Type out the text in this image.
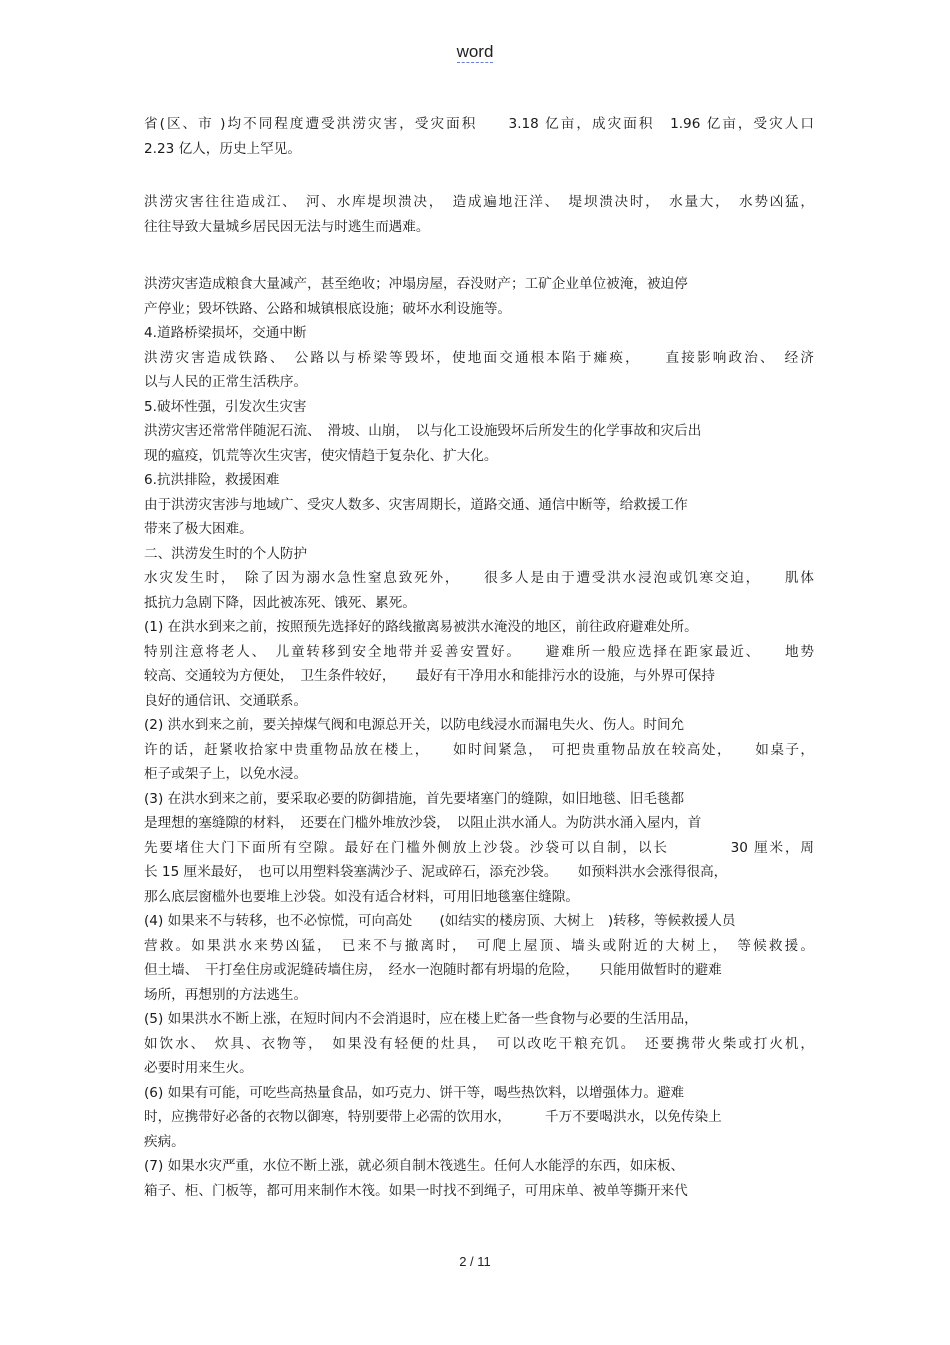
word
省(区、市 )均不同程度遭受洪涝灾害，受灾面积　　3.18 亿亩，成灾面积　1.96 亿亩，受灾人口
2.23 亿人，历史上罕见。
洪涝灾害往往造成江、　河、水库堤坝溃决，　造成遍地汪洋、　堤坝溃决时，　水量大，　水势凶猛，
往往导致大量城乡居民因无法与时逃生而遇难。
洪涝灾害造成粮食大量减产，甚至绝收；冲塌房屋，吞没财产；工矿企业单位被淹，被迫停
产停业；毁坏铁路、公路和城镇根底设施；破坏水利设施等。
4.道路桥梁损坏，交通中断
洪涝灾害造成铁路、　公路以与桥梁等毁坏，使地面交通根本陷于瘫痪，　　直接影响政治、　经济
以与人民的正常生活秩序。
5.破坏性强，引发次生灾害
洪涝灾害还常常伴随泥石流、　滑坡、山崩，　以与化工设施毁坏后所发生的化学事故和灾后出
现的瘟疫，饥荒等次生灾害，使灾情趋于复杂化、扩大化。
6.抗洪排险，救援困难
由于洪涝灾害涉与地域广、受灾人数多、灾害周期长，道路交通、通信中断等，给救援工作
带来了极大困难。
二、洪涝发生时的个人防护
水灾发生时，　除了因为溺水急性窒息致死外，　　很多人是由于遭受洪水浸泡或饥寒交迫，　　肌体
抵抗力急剧下降，因此被冻死、饿死、累死。
(1) 在洪水到来之前，按照预先选择好的路线撤离易被洪水淹没的地区，前往政府避难处所。
特别注意将老人、　儿童转移到安全地带并妥善安置好。　　避难所一般应选择在距家最近、　　地势
较高、交通较为方便处，　卫生条件较好，　　最好有干净用水和能排污水的设施，与外界可保持
良好的通信讯、交通联系。
(2) 洪水到来之前，要关掉煤气阀和电源总开关，以防电线浸水而漏电失火、伤人。时间允
许的话，赶紧收拾家中贵重物品放在楼上，　　如时间紧急，　可把贵重物品放在较高处，　　如桌子，
柜子或架子上，以免水浸。
(3) 在洪水到来之前，要采取必要的防御措施，首先要堵塞门的缝隙，如旧地毯、旧毛毯都
是理想的塞缝隙的材料，　还要在门槛外堆放沙袋，　以阻止洪水涌人。为防洪水涌入屋内，首
先要堵住大门下面所有空隙。最好在门槛外侧放上沙袋。沙袋可以自制，以长　　　　30 厘米，周
长 15 厘米最好，　也可以用塑料袋塞满沙子、泥或碎石，添充沙袋。　　如预料洪水会涨得很高，
那么底层窗槛外也要堆上沙袋。如没有适合材料，可用旧地毯塞住缝隙。
(4) 如果来不与转移，也不必惊慌，可向高处　　(如结实的楼房顶、大树上　)转移，等候救援人员
营救。如果洪水来势凶猛，　已来不与撤离时，　可爬上屋顶、墙头或附近的大树上，　等候救援。
但土墙、　干打垒住房或泥缝砖墙住房，　经水一泡随时都有坍塌的危险，　　只能用做暂时的避难
场所，再想别的方法逃生。
(5) 如果洪水不断上涨，在短时间内不会消退时，应在楼上贮备一些食物与必要的生活用品，
如饮水、　炊具、衣物等，　如果没有轻便的灶具，　可以改吃干粮充饥。　还要携带火柴或打火机，
必要时用来生火。
(6) 如果有可能，可吃些高热量食品，如巧克力、饼干等，喝些热饮料，以增强体力。避难
时，应携带好必备的衣物以御寒，特别要带上必需的饮用水，　　　千万不要喝洪水，以免传染上
疾病。
(7) 如果水灾严重，水位不断上涨，就必须自制木筏逃生。任何人水能浮的东西，如床板、
箱子、柜、门板等，都可用来制作木筏。如果一时找不到绳子，可用床单、被单等撕开来代
2 / 11
